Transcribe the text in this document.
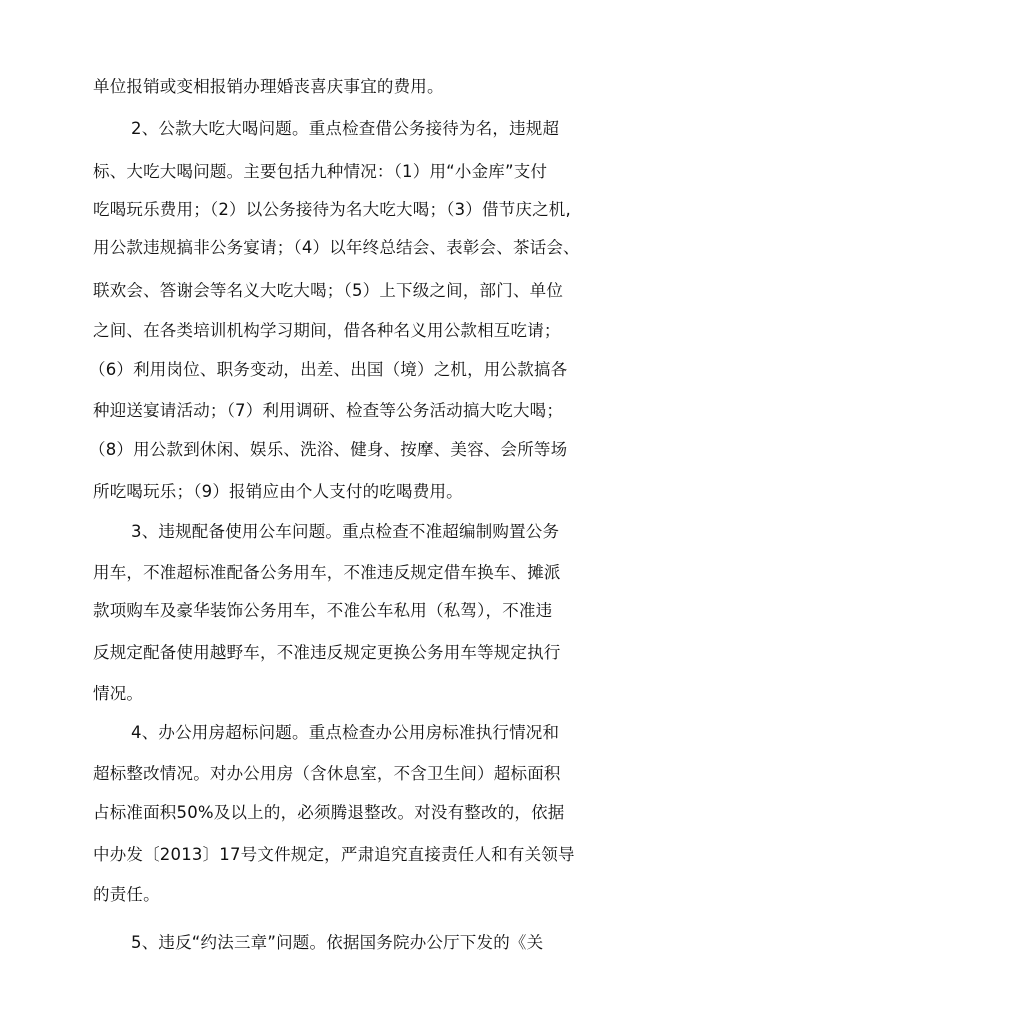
单位报销或变相报销办理婚丧喜庆事宜的费用。
2、公款大吃大喝问题。重点检查借公务接待为名，违规超
标、大吃大喝问题。主要包括九种情况：（1）用“小金库”支付
吃喝玩乐费用；（2）以公务接待为名大吃大喝；（3）借节庆之机,
用公款违规搞非公务宴请；（4）以年终总结会、表彰会、茶话会、
联欢会、答谢会等名义大吃大喝；（5）上下级之间，部门、单位
之间、在各类培训机构学习期间，借各种名义用公款相互吃请；
（6）利用岗位、职务变动，出差、出国（境）之机，用公款搞各
种迎送宴请活动；（7）利用调研、检查等公务活动搞大吃大喝；
（8）用公款到休闲、娱乐、洗浴、健身、按摩、美容、会所等场
所吃喝玩乐；（9）报销应由个人支付的吃喝费用。
3、违规配备使用公车问题。重点检查不准超编制购置公务
用车，不准超标准配备公务用车，不准违反规定借车换车、摊派
款项购车及豪华装饰公务用车，不准公车私用（私驾），不准违
反规定配备使用越野车，不准违反规定更换公务用车等规定执行
情况。
4、办公用房超标问题。重点检查办公用房标准执行情况和
超标整改情况。对办公用房（含休息室，不含卫生间）超标面积
占标准面积50%及以上的，必须腾退整改。对没有整改的，依据
中办发〔2013〕17号文件规定，严肃追究直接责任人和有关领导
的责任。
5、违反“约法三章”问题。依据国务院办公厅下发的《关
